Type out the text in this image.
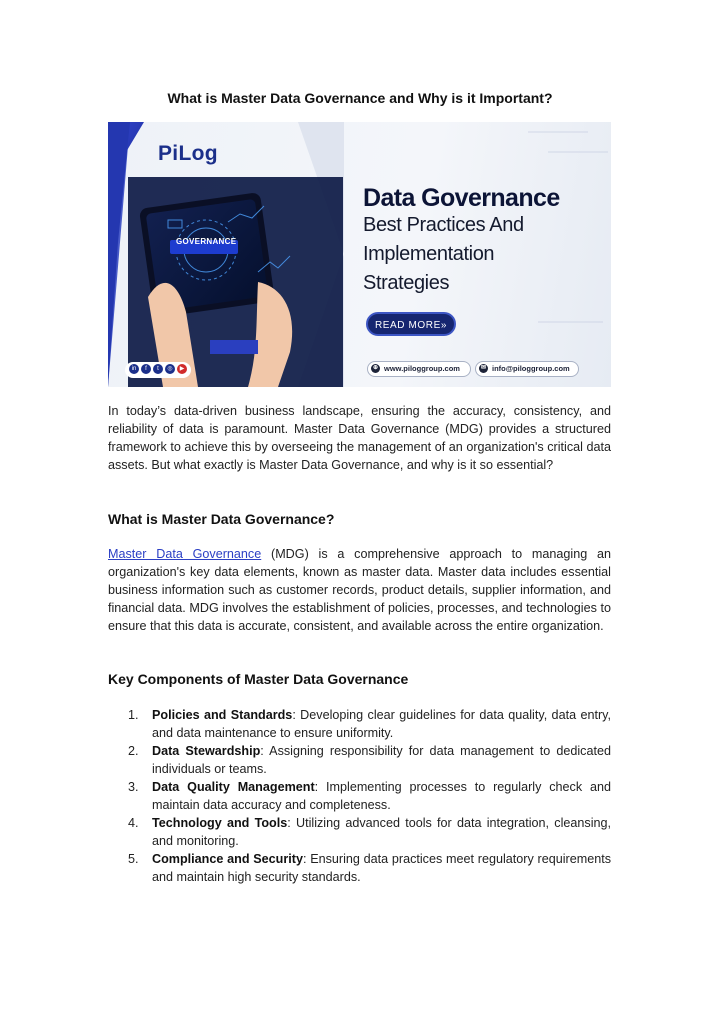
What is Master Data Governance and Why is it Important?
PiLog
GOVERNANCE
Data Governance
Best Practices And
Implementation
Strategies
READ MORE»
in	f	t	◎	▶	⊕ www.piloggroup.com	✉ info@piloggroup.com

In today’s data-driven business landscape, ensuring the accuracy, consistency, and reliability of data is paramount. Master Data Governance (MDG) provides a structured framework to achieve this by overseeing the management of an organization's critical data assets. But what exactly is Master Data Governance, and why is it so essential?

What is Master Data Governance?

Master Data Governance (MDG) is a comprehensive approach to managing an organization's key data elements, known as master data. Master data includes essential business information such as customer records, product details, supplier information, and financial data. MDG involves the establishment of policies, processes, and technologies to ensure that this data is accurate, consistent, and available across the entire organization.

Key Components of Master Data Governance
1. Policies and Standards: Developing clear guidelines for data quality, data entry, and data maintenance to ensure uniformity.
2. Data Stewardship: Assigning responsibility for data management to dedicated individuals or teams.
3. Data Quality Management: Implementing processes to regularly check and maintain data accuracy and completeness.
4. Technology and Tools: Utilizing advanced tools for data integration, cleansing, and monitoring.
5. Compliance and Security: Ensuring data practices meet regulatory requirements and maintain high security standards.
